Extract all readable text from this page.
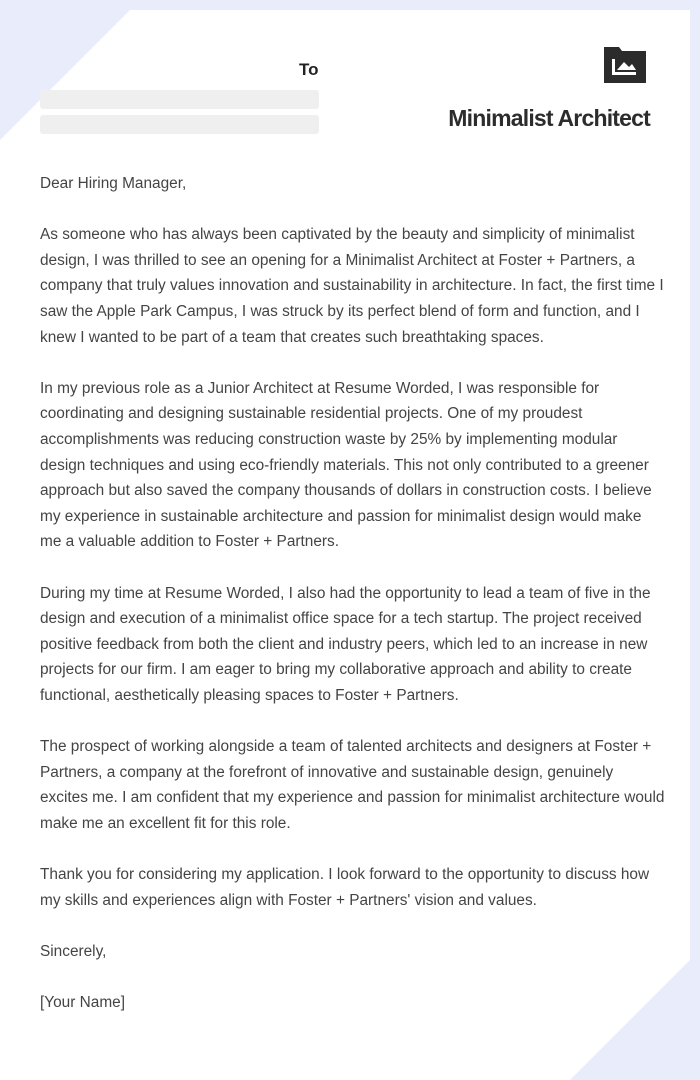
To
Minimalist Architect

Dear Hiring Manager,

As someone who has always been captivated by the beauty and simplicity of minimalist design, I was thrilled to see an opening for a Minimalist Architect at Foster + Partners, a company that truly values innovation and sustainability in architecture. In fact, the first time I saw the Apple Park Campus, I was struck by its perfect blend of form and function, and I knew I wanted to be part of a team that creates such breathtaking spaces.

In my previous role as a Junior Architect at Resume Worded, I was responsible for coordinating and designing sustainable residential projects. One of my proudest accomplishments was reducing construction waste by 25% by implementing modular design techniques and using eco-friendly materials. This not only contributed to a greener approach but also saved the company thousands of dollars in construction costs. I believe my experience in sustainable architecture and passion for minimalist design would make me a valuable addition to Foster + Partners.

During my time at Resume Worded, I also had the opportunity to lead a team of five in the design and execution of a minimalist office space for a tech startup. The project received positive feedback from both the client and industry peers, which led to an increase in new projects for our firm. I am eager to bring my collaborative approach and ability to create functional, aesthetically pleasing spaces to Foster + Partners.

The prospect of working alongside a team of talented architects and designers at Foster + Partners, a company at the forefront of innovative and sustainable design, genuinely excites me. I am confident that my experience and passion for minimalist architecture would make me an excellent fit for this role.

Thank you for considering my application. I look forward to the opportunity to discuss how my skills and experiences align with Foster + Partners' vision and values.

Sincerely,

[Your Name]
